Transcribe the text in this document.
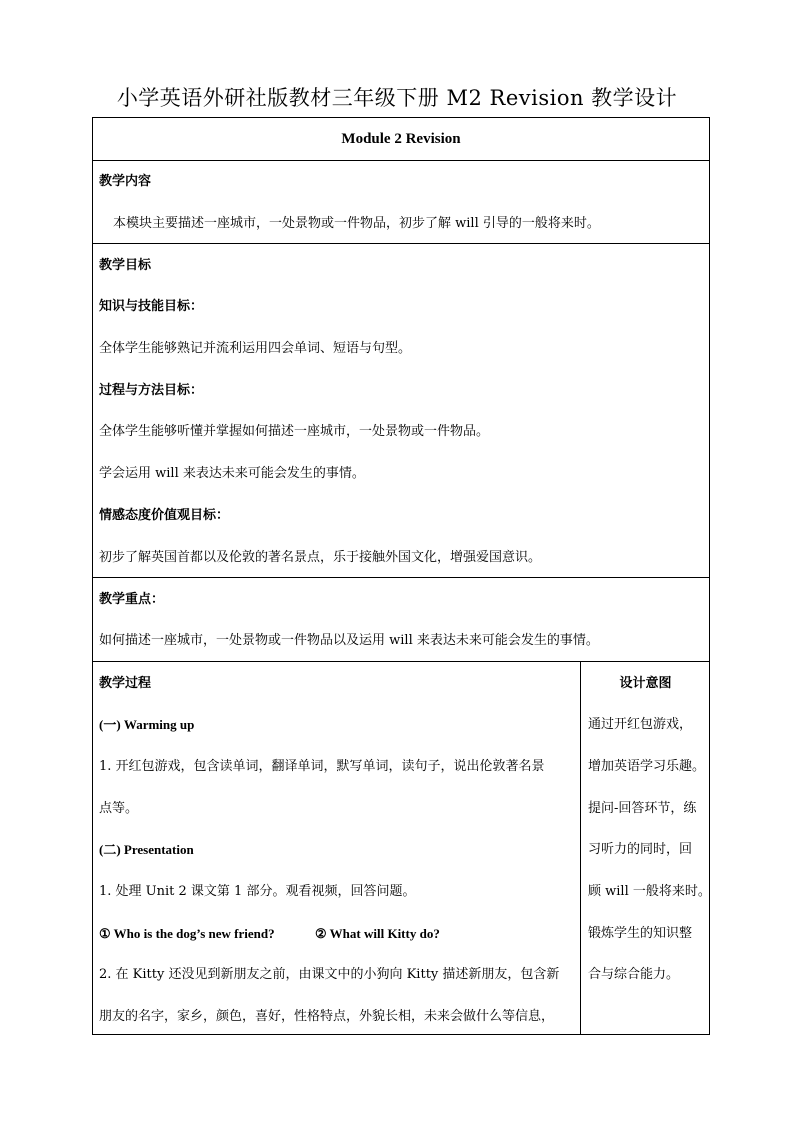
小学英语外研社版教材三年级下册 M2 Revision 教学设计
Module 2 Revision
教学内容
本模块主要描述一座城市，一处景物或一件物品，初步了解 will 引导的一般将来时。
教学目标
知识与技能目标：
全体学生能够熟记并流利运用四会单词、短语与句型。
过程与方法目标：
全体学生能够听懂并掌握如何描述一座城市，一处景物或一件物品。
学会运用 will 来表达未来可能会发生的事情。
情感态度价值观目标：
初步了解英国首都以及伦敦的著名景点，乐于接触外国文化，增强爱国意识。
教学重点：
如何描述一座城市，一处景物或一件物品以及运用 will 来表达未来可能会发生的事情。
教学过程	设计意图
(一) Warming up
1. 开红包游戏，包含读单词，翻译单词，默写单词，读句子，说出伦敦著名景
点等。
(二) Presentation
1. 处理 Unit 2 课文第 1 部分。观看视频，回答问题。
① Who is the dog’s new friend?	② What will Kitty do?
2. 在 Kitty 还没见到新朋友之前，由课文中的小狗向 Kitty 描述新朋友，包含新
朋友的名字，家乡，颜色，喜好，性格特点，外貌长相，未来会做什么等信息，
通过开红包游戏，
增加英语学习乐趣。
提问-回答环节，练
习听力的同时，回
顾 will 一般将来时。
锻炼学生的知识整
合与综合能力。
